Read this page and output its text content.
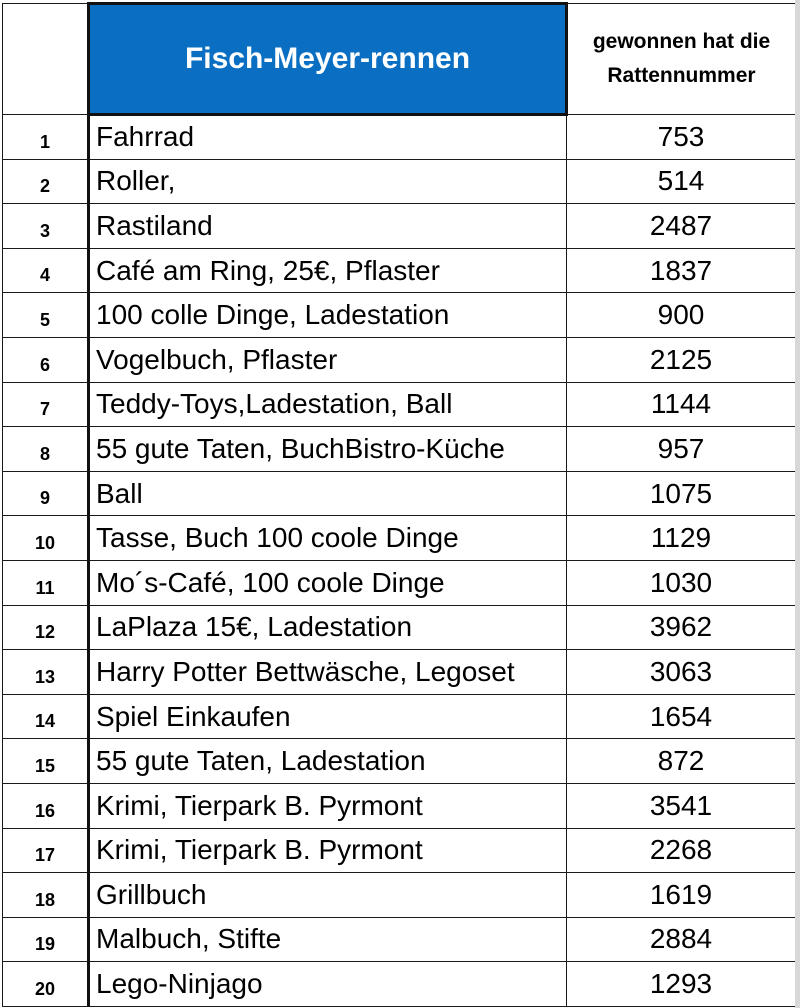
	Fisch-Meyer-rennen	gewonnen hat die
Rattennummer

1	Fahrrad	753
2	Roller,	514
3	Rastiland	2487
4	Café am Ring, 25€, Pflaster	1837
5	100 colle Dinge, Ladestation	900
6	Vogelbuch, Pflaster	2125
7	Teddy-Toys,Ladestation, Ball	1144
8	55 gute Taten, BuchBistro-Küche	957
9	Ball	1075
10	Tasse, Buch 100 coole Dinge	1129
11	Mo´s-Café, 100 coole Dinge	1030
12	LaPlaza 15€, Ladestation	3962
13	Harry Potter Bettwäsche, Legoset	3063
14	Spiel Einkaufen	1654
15	55 gute Taten, Ladestation	872
16	Krimi, Tierpark B. Pyrmont	3541
17	Krimi, Tierpark B. Pyrmont	2268
18	Grillbuch	1619
19	Malbuch, Stifte	2884
20	Lego-Ninjago	1293
